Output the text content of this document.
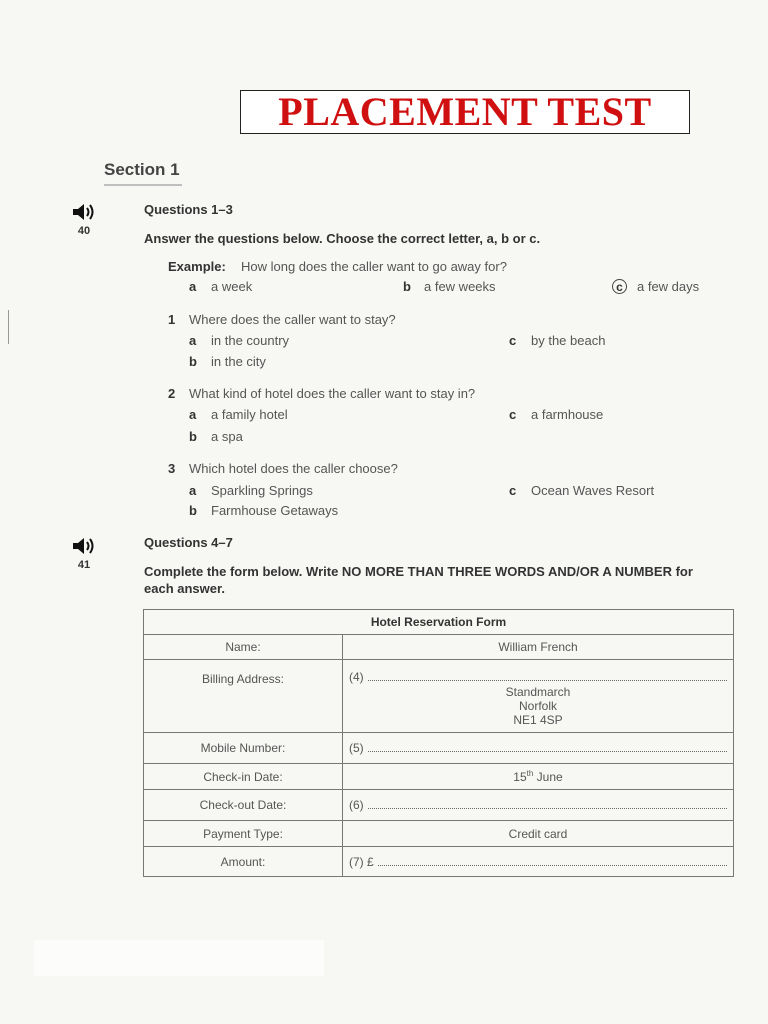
PLACEMENT TEST
Section 1
40
Questions 1–3
Answer the questions below. Choose the correct letter, a, b or c.
Example: How long does the caller want to go away for?
a a week	b a few weeks	c a few days
1 Where does the caller want to stay?
a in the country
b in the city
c by the beach
2 What kind of hotel does the caller want to stay in?
a a family hotel
b a spa
c a farmhouse
3 Which hotel does the caller choose?
a Sparkling Springs
b Farmhouse Getaways
c Ocean Waves Resort
41
Questions 4–7
Complete the form below. Write NO MORE THAN THREE WORDS AND/OR A NUMBER for each answer.
Hotel Reservation Form	
Name:	William French
Billing Address:	(4)
Standmarch
Norfolk
NE1 4SP

Mobile Number:	(5)

Check-in Date:	15th June
Check-out Date:	(6)

Payment Type:	Credit card
Amount:	(7) £
